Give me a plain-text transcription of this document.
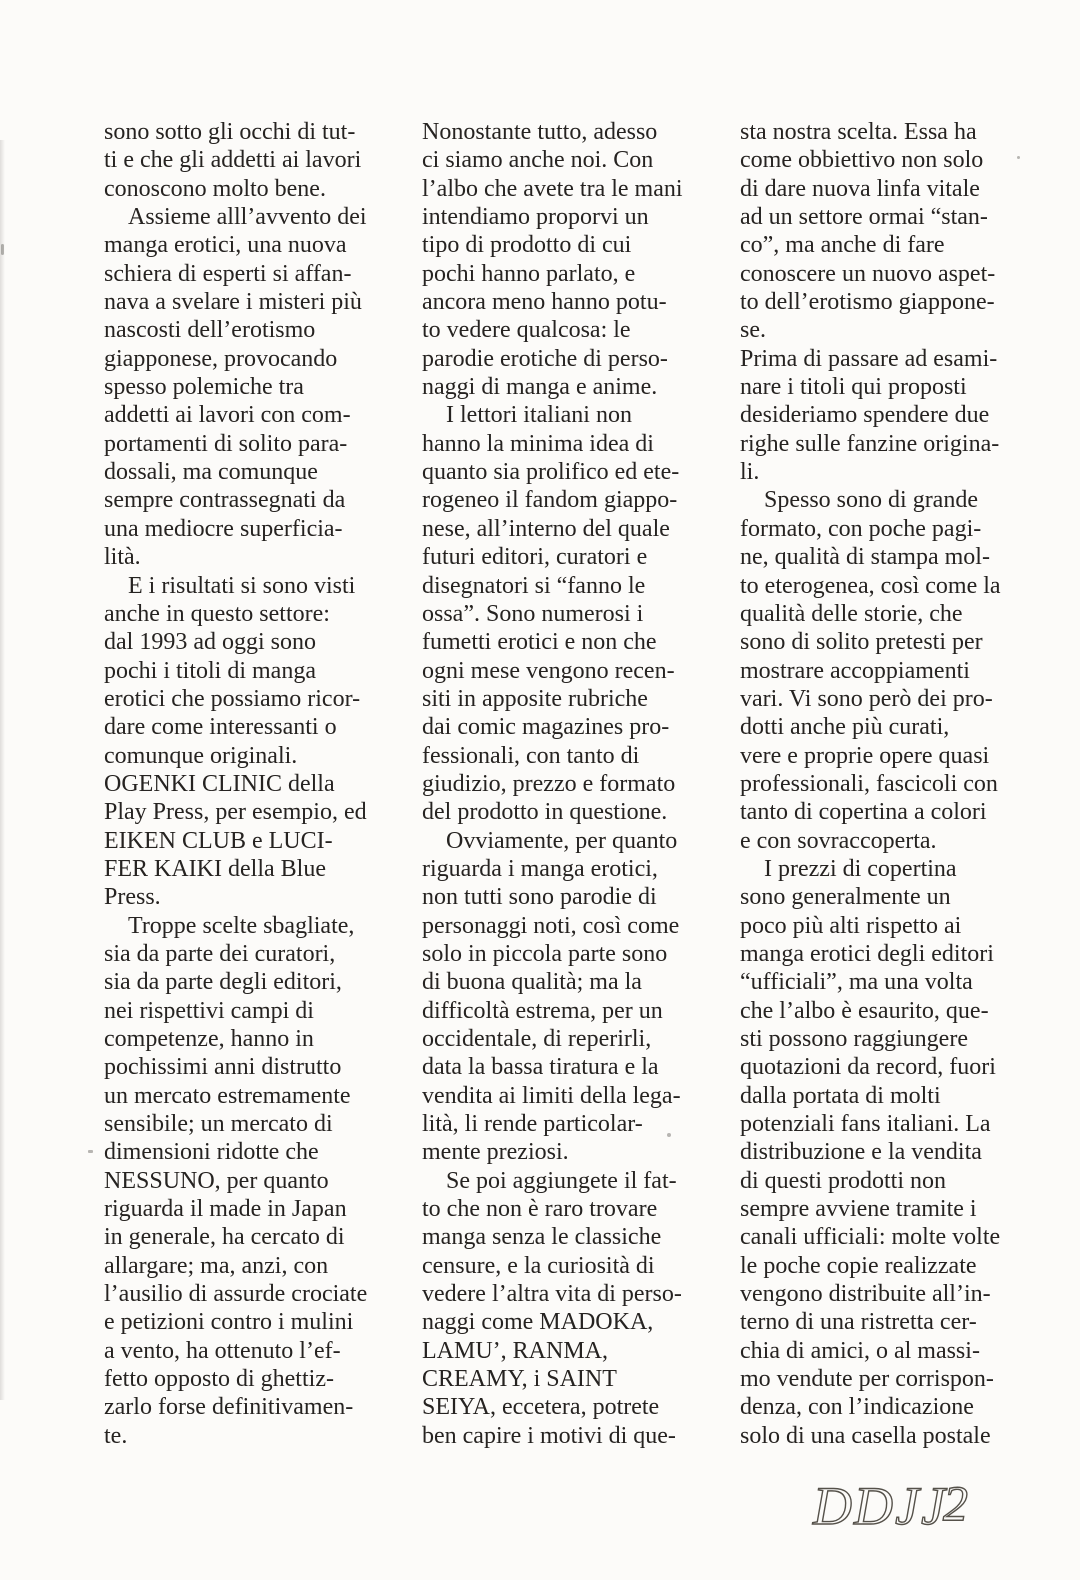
sono sotto gli occhi di tut-
ti e che gli addetti ai lavori
conoscono molto bene.
Assieme alll’avvento dei
manga erotici, una nuova
schiera di esperti si affan-
nava a svelare i misteri più
nascosti dell’erotismo
giapponese, provocando
spesso polemiche tra
addetti ai lavori con com-
portamenti di solito para-
dossali, ma comunque
sempre contrassegnati da
una mediocre superficia-
lità.
E i risultati si sono visti
anche in questo settore:
dal 1993 ad oggi sono
pochi i titoli di manga
erotici che possiamo ricor-
dare come interessanti o
comunque originali.
OGENKI CLINIC della
Play Press, per esempio, ed
EIKEN CLUB e LUCI-
FER KAIKI della Blue
Press.
Troppe scelte sbagliate,
sia da parte dei curatori,
sia da parte degli editori,
nei rispettivi campi di
competenze, hanno in
pochissimi anni distrutto
un mercato estremamente
sensibile; un mercato di
dimensioni ridotte che
NESSUNO, per quanto
riguarda il made in Japan
in generale, ha cercato di
allargare; ma, anzi, con
l’ausilio di assurde crociate
e petizioni contro i mulini
a vento, ha ottenuto l’ef-
fetto opposto di ghettiz-
zarlo forse definitivamen-
te.
Nonostante tutto, adesso
ci siamo anche noi. Con
l’albo che avete tra le mani
intendiamo proporvi un
tipo di prodotto di cui
pochi hanno parlato, e
ancora meno hanno potu-
to vedere qualcosa: le
parodie erotiche di perso-
naggi di manga e anime.
I lettori italiani non
hanno la minima idea di
quanto sia prolifico ed ete-
rogeneo il fandom giappo-
nese, all’interno del quale
futuri editori, curatori e
disegnatori si “fanno le
ossa”. Sono numerosi i
fumetti erotici e non che
ogni mese vengono recen-
siti in apposite rubriche
dai comic magazines pro-
fessionali, con tanto di
giudizio, prezzo e formato
del prodotto in questione.
Ovviamente, per quanto
riguarda i manga erotici,
non tutti sono parodie di
personaggi noti, così come
solo in piccola parte sono
di buona qualità; ma la
difficoltà estrema, per un
occidentale, di reperirli,
data la bassa tiratura e la
vendita ai limiti della lega-
lità, li rende particolar-
mente preziosi.
Se poi aggiungete il fat-
to che non è raro trovare
manga senza le classiche
censure, e la curiosità di
vedere l’altra vita di perso-
naggi come MADOKA,
LAMU’, RANMA,
CREAMY, i SAINT
SEIYA, eccetera, potrete
ben capire i motivi di que-
sta nostra scelta. Essa ha
come obbiettivo non solo
di dare nuova linfa vitale
ad un settore ormai “stan-
co”, ma anche di fare
conoscere un nuovo aspet-
to dell’erotismo giappone-
se.
Prima di passare ad esami-
nare i titoli qui proposti
desideriamo spendere due
righe sulle fanzine origina-
li.
Spesso sono di grande
formato, con poche pagi-
ne, qualità di stampa mol-
to eterogenea, così come la
qualità delle storie, che
sono di solito pretesti per
mostrare accoppiamenti
vari. Vi sono però dei pro-
dotti anche più curati,
vere e proprie opere quasi
professionali, fascicoli con
tanto di copertina a colori
e con sovraccoperta.
I prezzi di copertina
sono generalmente un
poco più alti rispetto ai
manga erotici degli editori
“ufficiali”, ma una volta
che l’albo è esaurito, que-
sti possono raggiungere
quotazioni da record, fuori
dalla portata di molti
potenziali fans italiani. La
distribuzione e la vendita
di questi prodotti non
sempre avviene tramite i
canali ufficiali: molte volte
le poche copie realizzate
vengono distribuite all’in-
terno di una ristretta cer-
chia di amici, o al massi-
mo vendute per corrispon-
denza, con l’indicazione
solo di una casella postale
DDJJ
2
